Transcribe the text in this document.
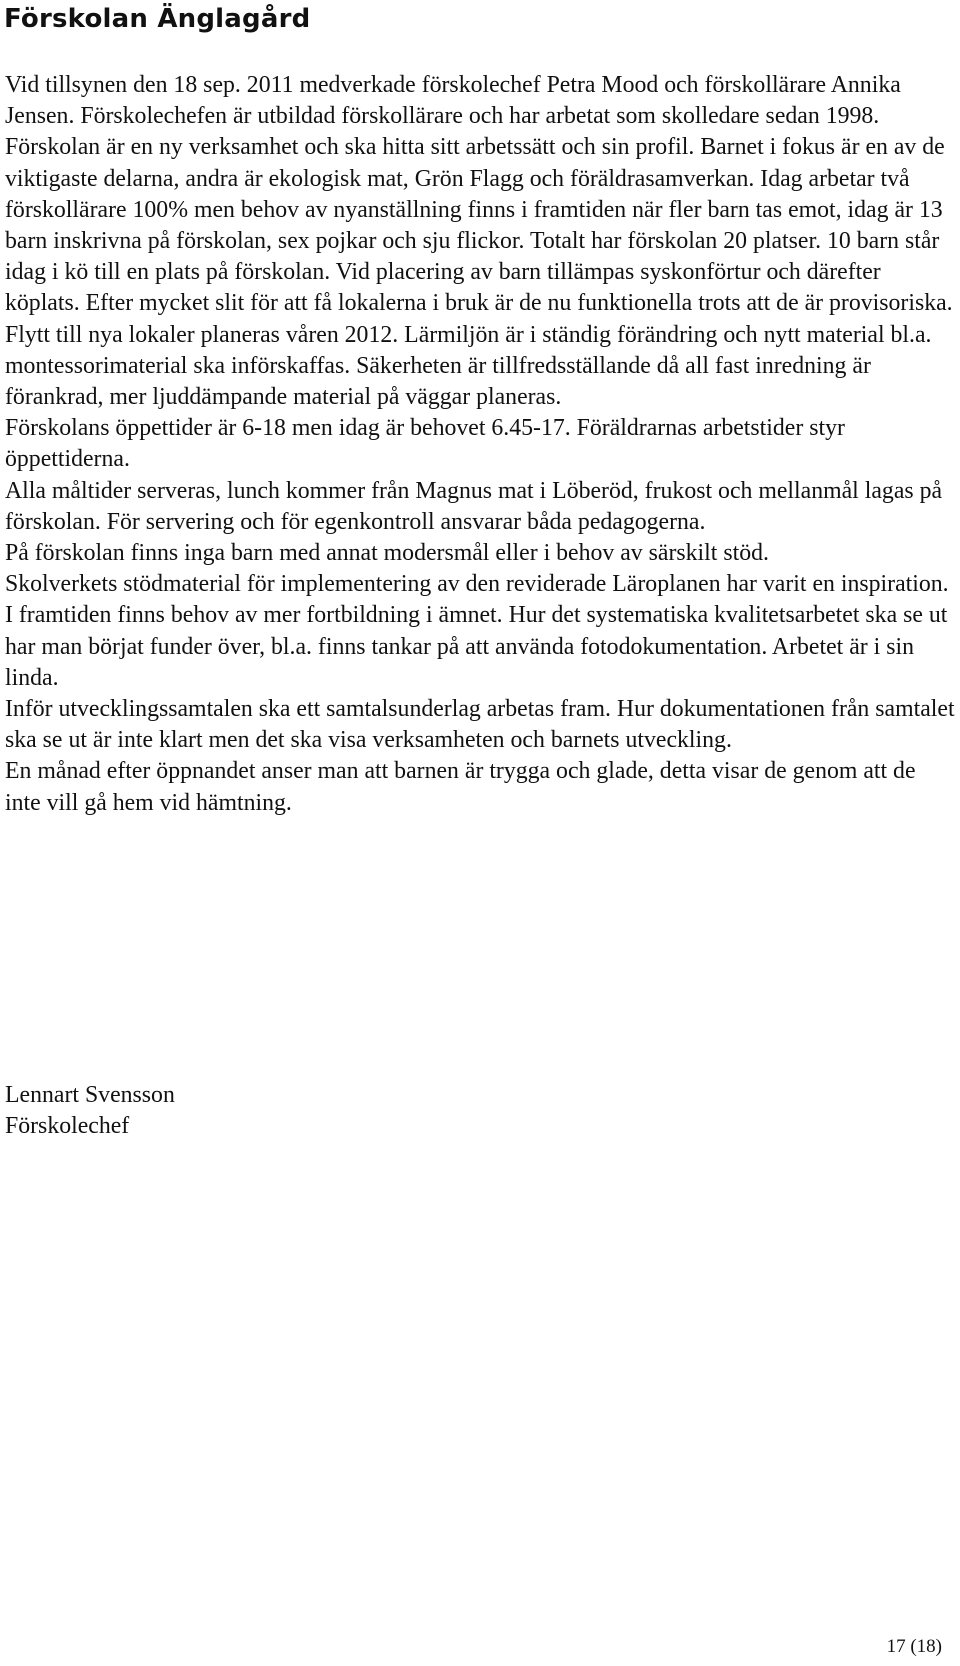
Förskolan Änglagård

Vid tillsynen den 18 sep. 2011 medverkade förskolechef Petra Mood och förskollärare Annika Jensen. Förskolechefen är utbildad förskollärare och har arbetat som skolledare sedan 1998. Förskolan är en ny verksamhet och ska hitta sitt arbetssätt och sin profil. Barnet i fokus är en av de viktigaste delarna, andra är ekologisk mat, Grön Flagg och föräldrasamverkan. Idag arbetar två förskollärare 100% men behov av nyanställning finns i framtiden när fler barn tas emot, idag är 13 barn inskrivna på förskolan, sex pojkar och sju flickor. Totalt har förskolan 20 platser. 10 barn står idag i kö till en plats på förskolan. Vid placering av barn tillämpas syskonförtur och därefter köplats. Efter mycket slit för att få lokalerna i bruk är de nu funktionella trots att de är provisoriska. Flytt till nya lokaler planeras våren 2012. Lärmiljön är i ständig förändring och nytt material bl.a. montessorimaterial ska införskaffas. Säkerheten är tillfredsställande då all fast inredning är förankrad, mer ljuddämpande material på väggar planeras.

Förskolans öppettider är 6-18 men idag är behovet 6.45-17. Föräldrarnas arbetstider styr öppettiderna.

Alla måltider serveras, lunch kommer från Magnus mat i Löberöd, frukost och mellanmål lagas på förskolan. För servering och för egenkontroll ansvarar båda pedagogerna.

På förskolan finns inga barn med annat modersmål eller i behov av särskilt stöd.

Skolverkets stödmaterial för implementering av den reviderade Läroplanen har varit en inspiration. I framtiden finns behov av mer fortbildning i ämnet. Hur det systematiska kvalitetsarbetet ska se ut har man börjat funder över, bl.a. finns tankar på att använda fotodokumentation. Arbetet är i sin linda.

Inför utvecklingssamtalen ska ett samtalsunderlag arbetas fram. Hur dokumentationen från samtalet ska se ut är inte klart men det ska visa verksamheten och barnets utveckling.

En månad efter öppnandet anser man att barnen är trygga och glade, detta visar de genom att de inte vill gå hem vid hämtning.

Lennart Svensson
Förskolechef
17 (18)
